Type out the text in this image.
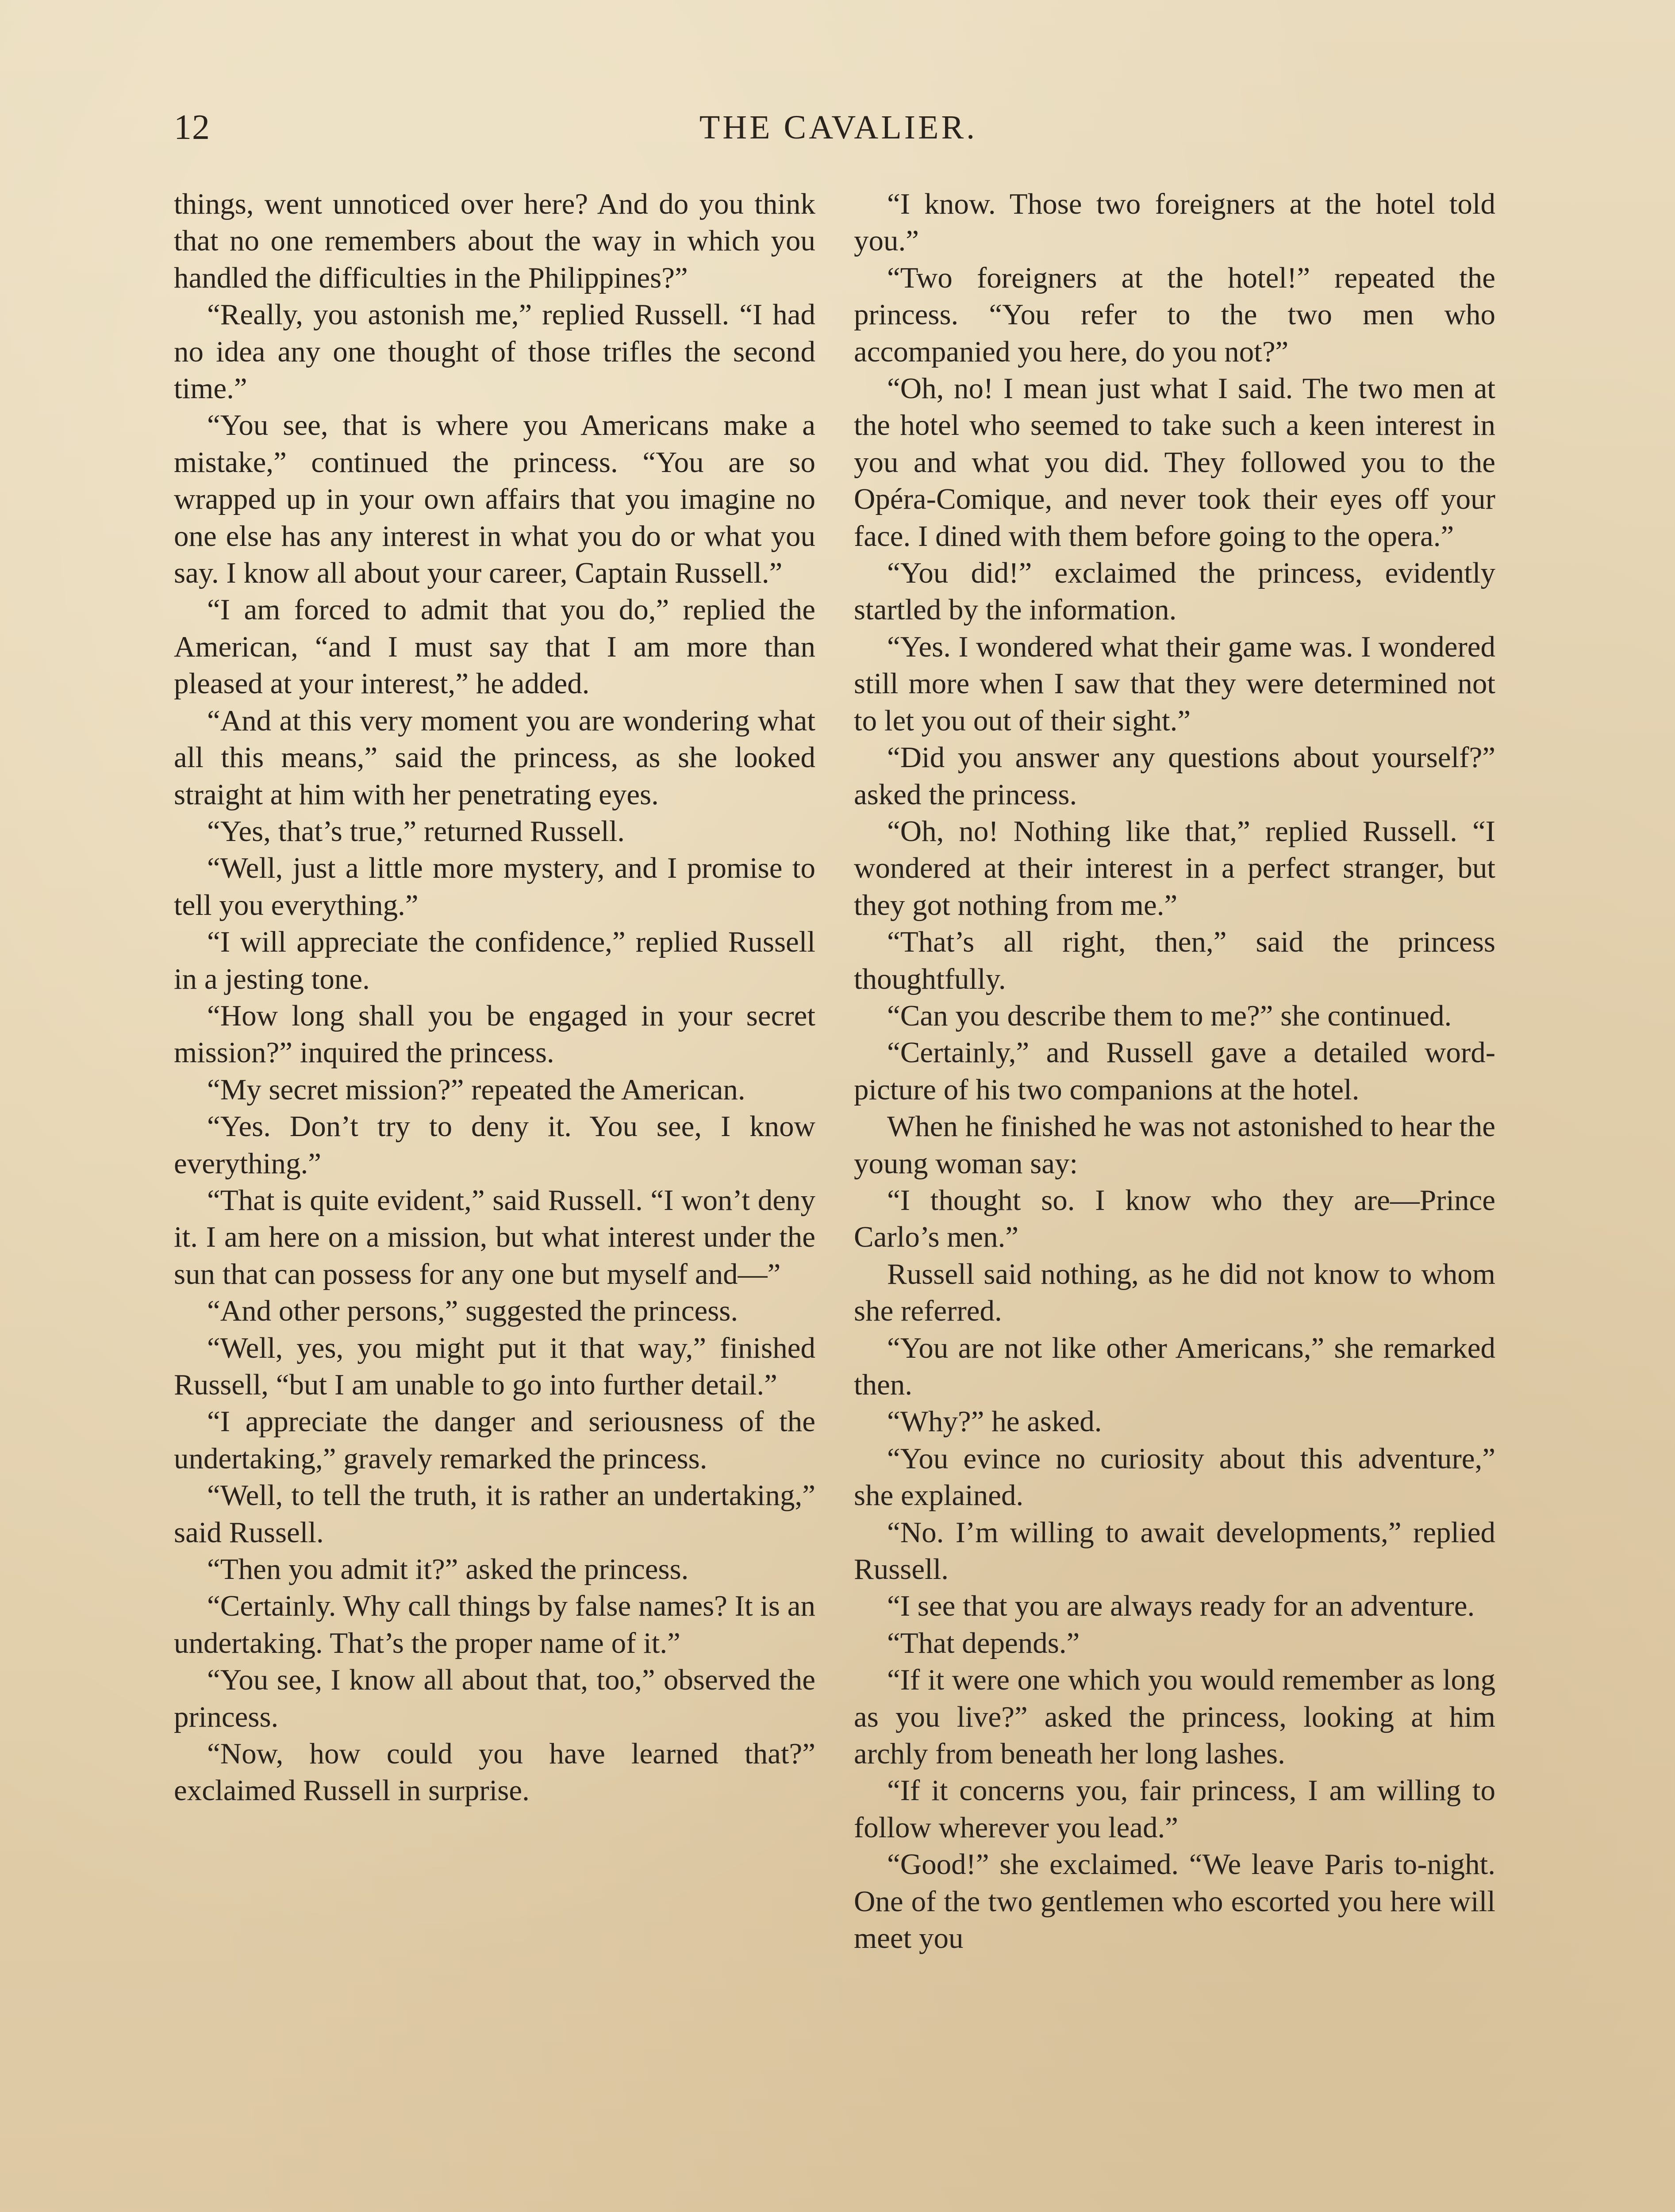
12	THE CAVALIER.

things, went unnoticed over here? And do you think that no one remembers about the way in which you handled the difficulties in the Philippines?”

“Really, you astonish me,” replied Russell. “I had no idea any one thought of those trifles the second time.”

“You see, that is where you Americans make a mistake,” continued the princess. “You are so wrapped up in your own affairs that you imagine no one else has any interest in what you do or what you say. I know all about your career, Captain Russell.”

“I am forced to admit that you do,” replied the American, “and I must say that I am more than pleased at your interest,” he added.

“And at this very moment you are wondering what all this means,” said the princess, as she looked straight at him with her penetrating eyes.

“Yes, that’s true,” returned Russell.

“Well, just a little more mystery, and I promise to tell you everything.”

“I will appreciate the confidence,” replied Russell in a jesting tone.

“How long shall you be engaged in your secret mission?” inquired the princess.

“My secret mission?” repeated the American.

“Yes. Don’t try to deny it. You see, I know everything.”

“That is quite evident,” said Russell. “I won’t deny it. I am here on a mission, but what interest under the sun that can possess for any one but myself and—”

“And other persons,” suggested the princess.

“Well, yes, you might put it that way,” finished Russell, “but I am unable to go into further detail.”

“I appreciate the danger and seriousness of the undertaking,” gravely remarked the princess.

“Well, to tell the truth, it is rather an undertaking,” said Russell.

“Then you admit it?” asked the princess.

“Certainly. Why call things by false names? It is an undertaking. That’s the proper name of it.”

“You see, I know all about that, too,” observed the princess.

“Now, how could you have learned that?” exclaimed Russell in surprise.

“I know. Those two foreigners at the hotel told you.”

“Two foreigners at the hotel!” repeated the princess. “You refer to the two men who accompanied you here, do you not?”

“Oh, no! I mean just what I said. The two men at the hotel who seemed to take such a keen interest in you and what you did. They followed you to the Opéra-Comique, and never took their eyes off your face. I dined with them before going to the opera.”

“You did!” exclaimed the princess, evidently startled by the information.

“Yes. I wondered what their game was. I wondered still more when I saw that they were determined not to let you out of their sight.”

“Did you answer any questions about yourself?” asked the princess.

“Oh, no! Nothing like that,” replied Russell. “I wondered at their interest in a perfect stranger, but they got nothing from me.”

“That’s all right, then,” said the princess thoughtfully.

“Can you describe them to me?” she continued.

“Certainly,” and Russell gave a detailed word-picture of his two companions at the hotel.

When he finished he was not astonished to hear the young woman say:

“I thought so. I know who they are—Prince Carlo’s men.”

Russell said nothing, as he did not know to whom she referred.

“You are not like other Americans,” she remarked then.

“Why?” he asked.

“You evince no curiosity about this adventure,” she explained.

“No. I’m willing to await developments,” replied Russell.

“I see that you are always ready for an adventure.

“That depends.”

“If it were one which you would remember as long as you live?” asked the princess, looking at him archly from beneath her long lashes.

“If it concerns you, fair princess, I am willing to follow wherever you lead.”

“Good!” she exclaimed. “We leave Paris to-night. One of the two gentlemen who escorted you here will meet you
